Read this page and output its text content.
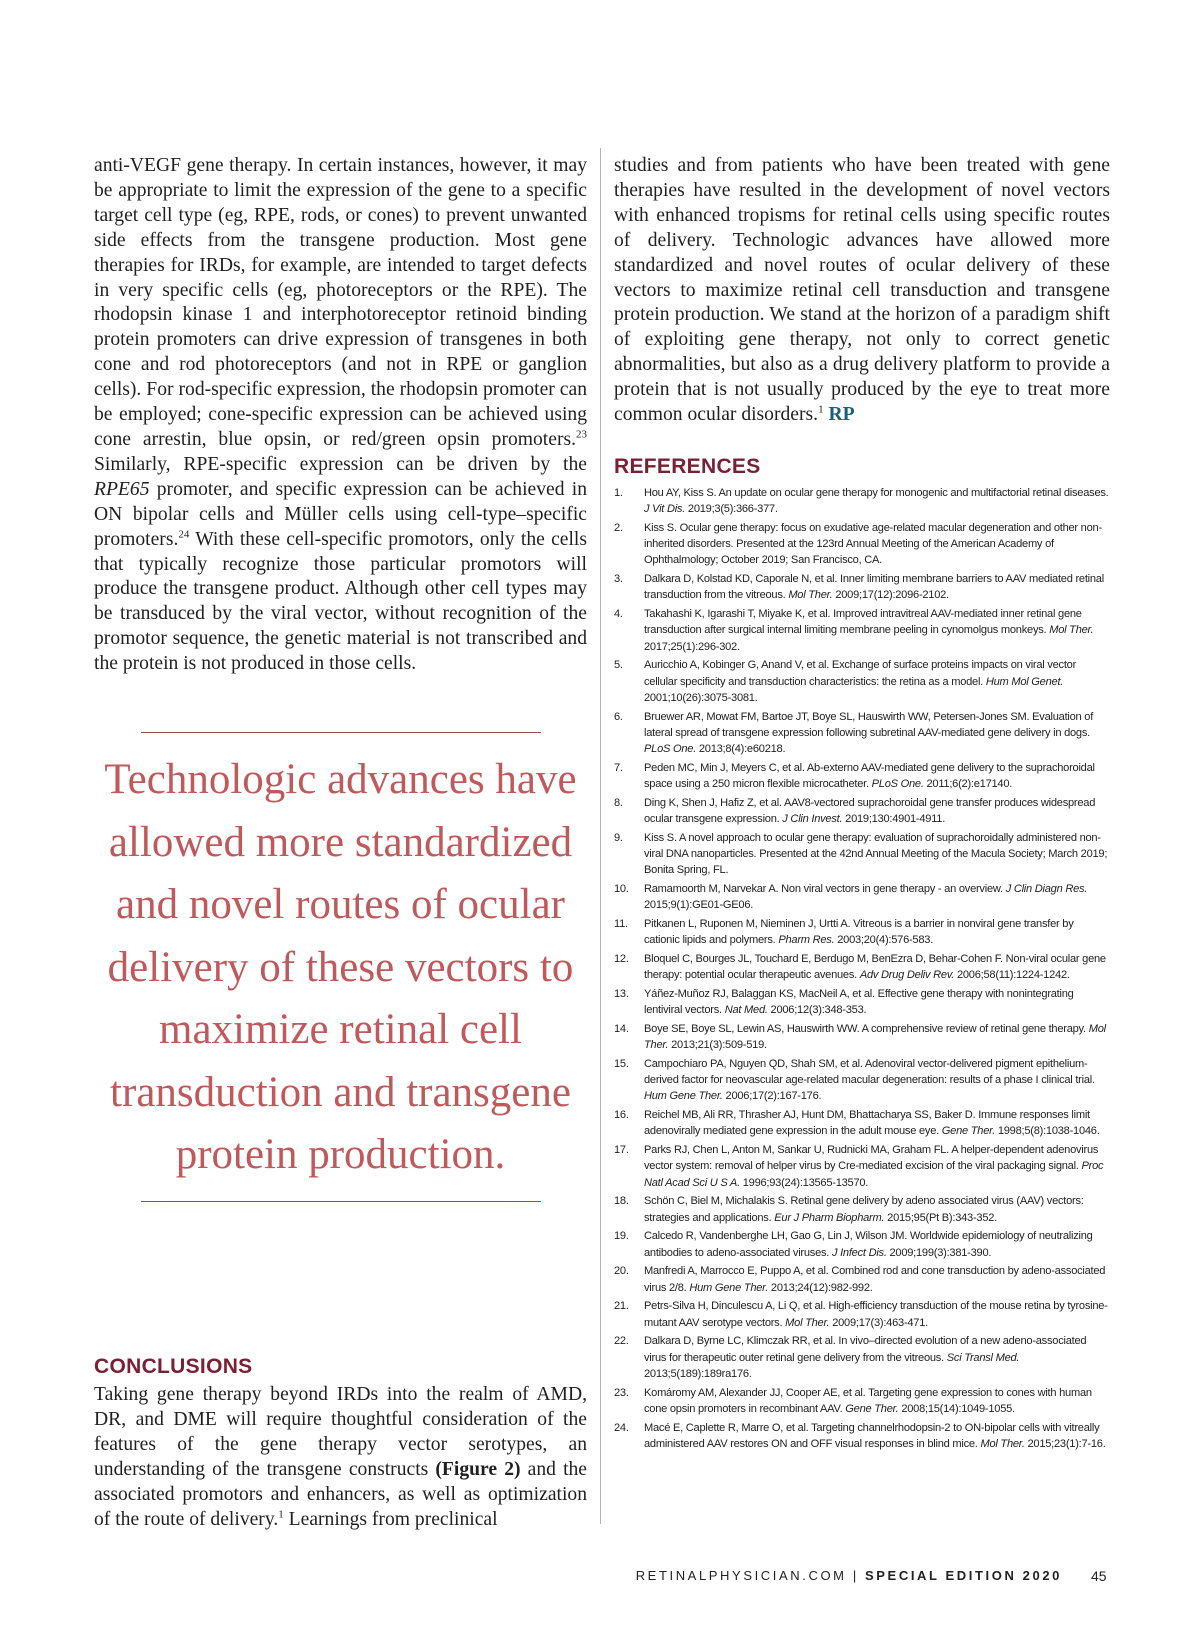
anti-VEGF gene therapy. In certain instances, however, it may be appropriate to limit the expression of the gene to a specific target cell type (eg, RPE, rods, or cones) to prevent unwanted side effects from the transgene production. Most gene therapies for IRDs, for example, are intended to target defects in very specific cells (eg, photoreceptors or the RPE). The rhodopsin kinase 1 and interphotoreceptor retinoid binding protein promoters can drive expression of transgenes in both cone and rod photoreceptors (and not in RPE or ganglion cells). For rod-specific expression, the rhodopsin promoter can be employed; cone-specific expression can be achieved using cone arrestin, blue opsin, or red/green opsin promoters.$^{23}$ Similarly, RPE-specific expression can be driven by the RPE65 promoter, and specific expression can be achieved in ON bipolar cells and Müller cells using cell-type–specific promoters.$^{24}$ With these cell-specific promotors, only the cells that typically recognize those particular promotors will produce the transgene product. Although other cell types may be transduced by the viral vector, without recognition of the promotor sequence, the genetic material is not transcribed and the protein is not produced in those cells.

Technologic advances have allowed more standardized and novel routes of ocular delivery of these vectors to maximize retinal cell transduction and transgene protein production.
CONCLUSIONS

Taking gene therapy beyond IRDs into the realm of AMD, DR, and DME will require thoughtful consideration of the features of the gene therapy vector serotypes, an understanding of the transgene constructs (Figure 2) and the associated promotors and enhancers, as well as optimization of the route of delivery.$^1$ Learnings from preclinical

studies and from patients who have been treated with gene therapies have resulted in the development of novel vectors with enhanced tropisms for retinal cells using specific routes of delivery. Technologic advances have allowed more standardized and novel routes of ocular delivery of these vectors to maximize retinal cell transduction and transgene protein production. We stand at the horizon of a paradigm shift of exploiting gene therapy, not only to correct genetic abnormalities, but also as a drug delivery platform to provide a protein that is not usually produced by the eye to treat more common ocular disorders.$^1$ RP

REFERENCES
1.	Hou AY, Kiss S. An update on ocular gene therapy for monogenic and multifactorial retinal diseases. J Vit Dis. 2019;3(5):366-377.
2.	Kiss S. Ocular gene therapy: focus on exudative age-related macular degeneration and other non-inherited disorders. Presented at the 123rd Annual Meeting of the American Academy of Ophthalmology; October 2019; San Francisco, CA.
3.	Dalkara D, Kolstad KD, Caporale N, et al. Inner limiting membrane barriers to AAV mediated retinal transduction from the vitreous. Mol Ther. 2009;17(12):2096-2102.
4.	Takahashi K, Igarashi T, Miyake K, et al. Improved intravitreal AAV-mediated inner retinal gene transduction after surgical internal limiting membrane peeling in cynomolgus monkeys. Mol Ther. 2017;25(1):296-302.
5.	Auricchio A, Kobinger G, Anand V, et al. Exchange of surface proteins impacts on viral vector cellular specificity and transduction characteristics: the retina as a model. Hum Mol Genet. 2001;10(26):3075-3081.
6.	Bruewer AR, Mowat FM, Bartoe JT, Boye SL, Hauswirth WW, Petersen-Jones SM. Evaluation of lateral spread of transgene expression following subretinal AAV-mediated gene delivery in dogs. PLoS One. 2013;8(4):e60218.
7.	Peden MC, Min J, Meyers C, et al. Ab-externo AAV-mediated gene delivery to the suprachoroidal space using a 250 micron flexible microcatheter. PLoS One. 2011;6(2):e17140.
8.	Ding K, Shen J, Hafiz Z, et al. AAV8-vectored suprachoroidal gene transfer produces widespread ocular transgene expression. J Clin Invest. 2019;130:4901-4911.
9.	Kiss S. A novel approach to ocular gene therapy: evaluation of suprachoroidally administered non-viral DNA nanoparticles. Presented at the 42nd Annual Meeting of the Macula Society; March 2019; Bonita Spring, FL.
10.	Ramamoorth M, Narvekar A. Non viral vectors in gene therapy - an overview. J Clin Diagn Res. 2015;9(1):GE01-GE06.
11.	Pitkanen L, Ruponen M, Nieminen J, Urtti A. Vitreous is a barrier in nonviral gene transfer by cationic lipids and polymers. Pharm Res. 2003;20(4):576-583.
12.	Bloquel C, Bourges JL, Touchard E, Berdugo M, BenEzra D, Behar-Cohen F. Non-viral ocular gene therapy: potential ocular therapeutic avenues. Adv Drug Deliv Rev. 2006;58(11):1224-1242.
13.	Yáñez-Muñoz RJ, Balaggan KS, MacNeil A, et al. Effective gene therapy with nonintegrating lentiviral vectors. Nat Med. 2006;12(3):348-353.
14.	Boye SE, Boye SL, Lewin AS, Hauswirth WW. A comprehensive review of retinal gene therapy. Mol Ther. 2013;21(3):509-519.
15.	Campochiaro PA, Nguyen QD, Shah SM, et al. Adenoviral vector-delivered pigment epithelium-derived factor for neovascular age-related macular degeneration: results of a phase I clinical trial. Hum Gene Ther. 2006;17(2):167-176.
16.	Reichel MB, Ali RR, Thrasher AJ, Hunt DM, Bhattacharya SS, Baker D. Immune responses limit adenovirally mediated gene expression in the adult mouse eye. Gene Ther. 1998;5(8):1038-1046.
17.	Parks RJ, Chen L, Anton M, Sankar U, Rudnicki MA, Graham FL. A helper-dependent adenovirus vector system: removal of helper virus by Cre-mediated excision of the viral packaging signal. Proc Natl Acad Sci U S A. 1996;93(24):13565-13570.
18.	Schön C, Biel M, Michalakis S. Retinal gene delivery by adeno associated virus (AAV) vectors: strategies and applications. Eur J Pharm Biopharm. 2015;95(Pt B):343-352.
19.	Calcedo R, Vandenberghe LH, Gao G, Lin J, Wilson JM. Worldwide epidemiology of neutralizing antibodies to adeno-associated viruses. J Infect Dis. 2009;199(3):381-390.
20.	Manfredi A, Marrocco E, Puppo A, et al. Combined rod and cone transduction by adeno-associated virus 2/8. Hum Gene Ther. 2013;24(12):982-992.
21.	Petrs-Silva H, Dinculescu A, Li Q, et al. High-efficiency transduction of the mouse retina by tyrosine-mutant AAV serotype vectors. Mol Ther. 2009;17(3):463-471.
22.	Dalkara D, Byrne LC, Klimczak RR, et al. In vivo–directed evolution of a new adeno-associated virus for therapeutic outer retinal gene delivery from the vitreous. Sci Transl Med. 2013;5(189):189ra176.
23.	Komáromy AM, Alexander JJ, Cooper AE, et al. Targeting gene expression to cones with human cone opsin promoters in recombinant AAV. Gene Ther. 2008;15(14):1049-1055.
24.	Macé E, Caplette R, Marre O, et al. Targeting channelrhodopsin-2 to ON-bipolar cells with vitreally administered AAV restores ON and OFF visual responses in blind mice. Mol Ther. 2015;23(1):7-16.
RETINALPHYSICIAN.COM | SPECIAL EDITION 2020 45
